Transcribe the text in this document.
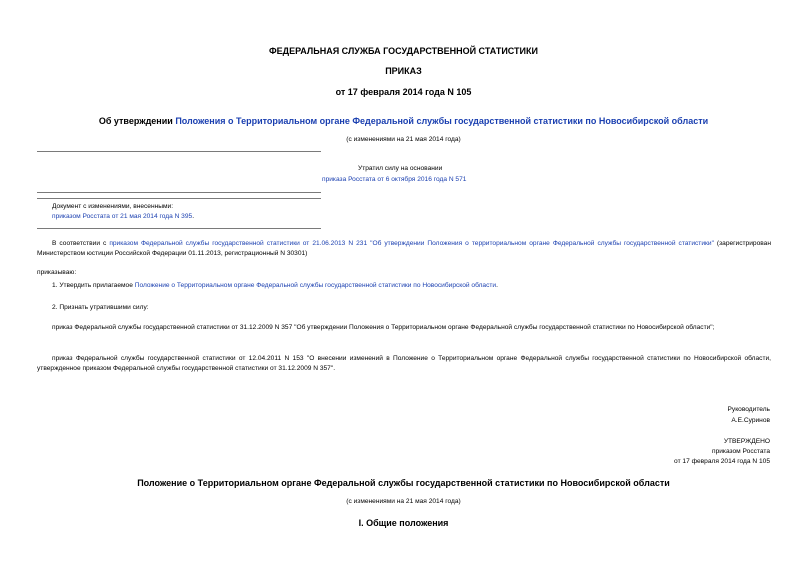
ФЕДЕРАЛЬНАЯ СЛУЖБА ГОСУДАРСТВЕННОЙ СТАТИСТИКИ
ПРИКАЗ
от 17 февраля 2014 года N 105
Об утверждении Положения о Территориальном органе Федеральной службы государственной статистики по Новосибирской области
(с изменениями на 21 мая 2014 года)
Утратил силу на основании
приказа Росстата от 6 октября 2016 года N 571
Документ с изменениями, внесенными:
приказом Росстата от 21 мая 2014 года N 395.
В соответствии с приказом Федеральной службы государственной статистики от 21.06.2013 N 231 "Об утверждении Положения о территориальном органе Федеральной службы государственной статистики" (зарегистрирован Министерством юстиции Российской Федерации 01.11.2013, регистрационный N 30301)
приказываю:
1. Утвердить прилагаемое Положение о Территориальном органе Федеральной службы государственной статистики по Новосибирской области.
2. Признать утратившими силу:
приказ Федеральной службы государственной статистики от 31.12.2009 N 357 "Об утверждении Положения о Территориальном органе Федеральной службы государственной статистики по Новосибирской области";
приказ Федеральной службы государственной статистики от 12.04.2011 N 153 "О внесении изменений в Положение о Территориальном органе Федеральной службы государственной статистики по Новосибирской области, утвержденное приказом Федеральной службы государственной статистики от 31.12.2009 N 357".
Руководитель
А.Е.Суринов
УТВЕРЖДЕНО
приказом Росстата
от 17 февраля 2014 года N 105
Положение о Территориальном органе Федеральной службы государственной статистики по Новосибирской области
(с изменениями на 21 мая 2014 года)
I. Общие положения
